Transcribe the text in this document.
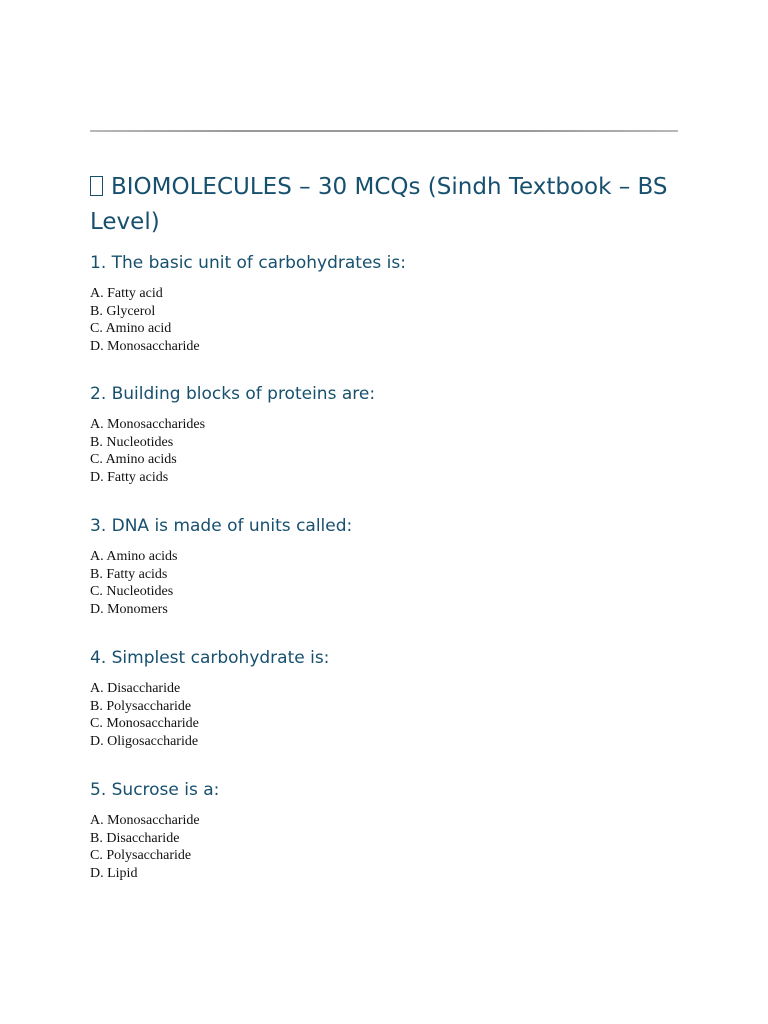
BIOMOLECULES – 30 MCQs (Sindh Textbook – BS Level)
1. The basic unit of carbohydrates is:
A. Fatty acid
B. Glycerol
C. Amino acid
D. Monosaccharide
2. Building blocks of proteins are:
A. Monosaccharides
B. Nucleotides
C. Amino acids
D. Fatty acids
3. DNA is made of units called:
A. Amino acids
B. Fatty acids
C. Nucleotides
D. Monomers
4. Simplest carbohydrate is:
A. Disaccharide
B. Polysaccharide
C. Monosaccharide
D. Oligosaccharide
5. Sucrose is a:
A. Monosaccharide
B. Disaccharide
C. Polysaccharide
D. Lipid
